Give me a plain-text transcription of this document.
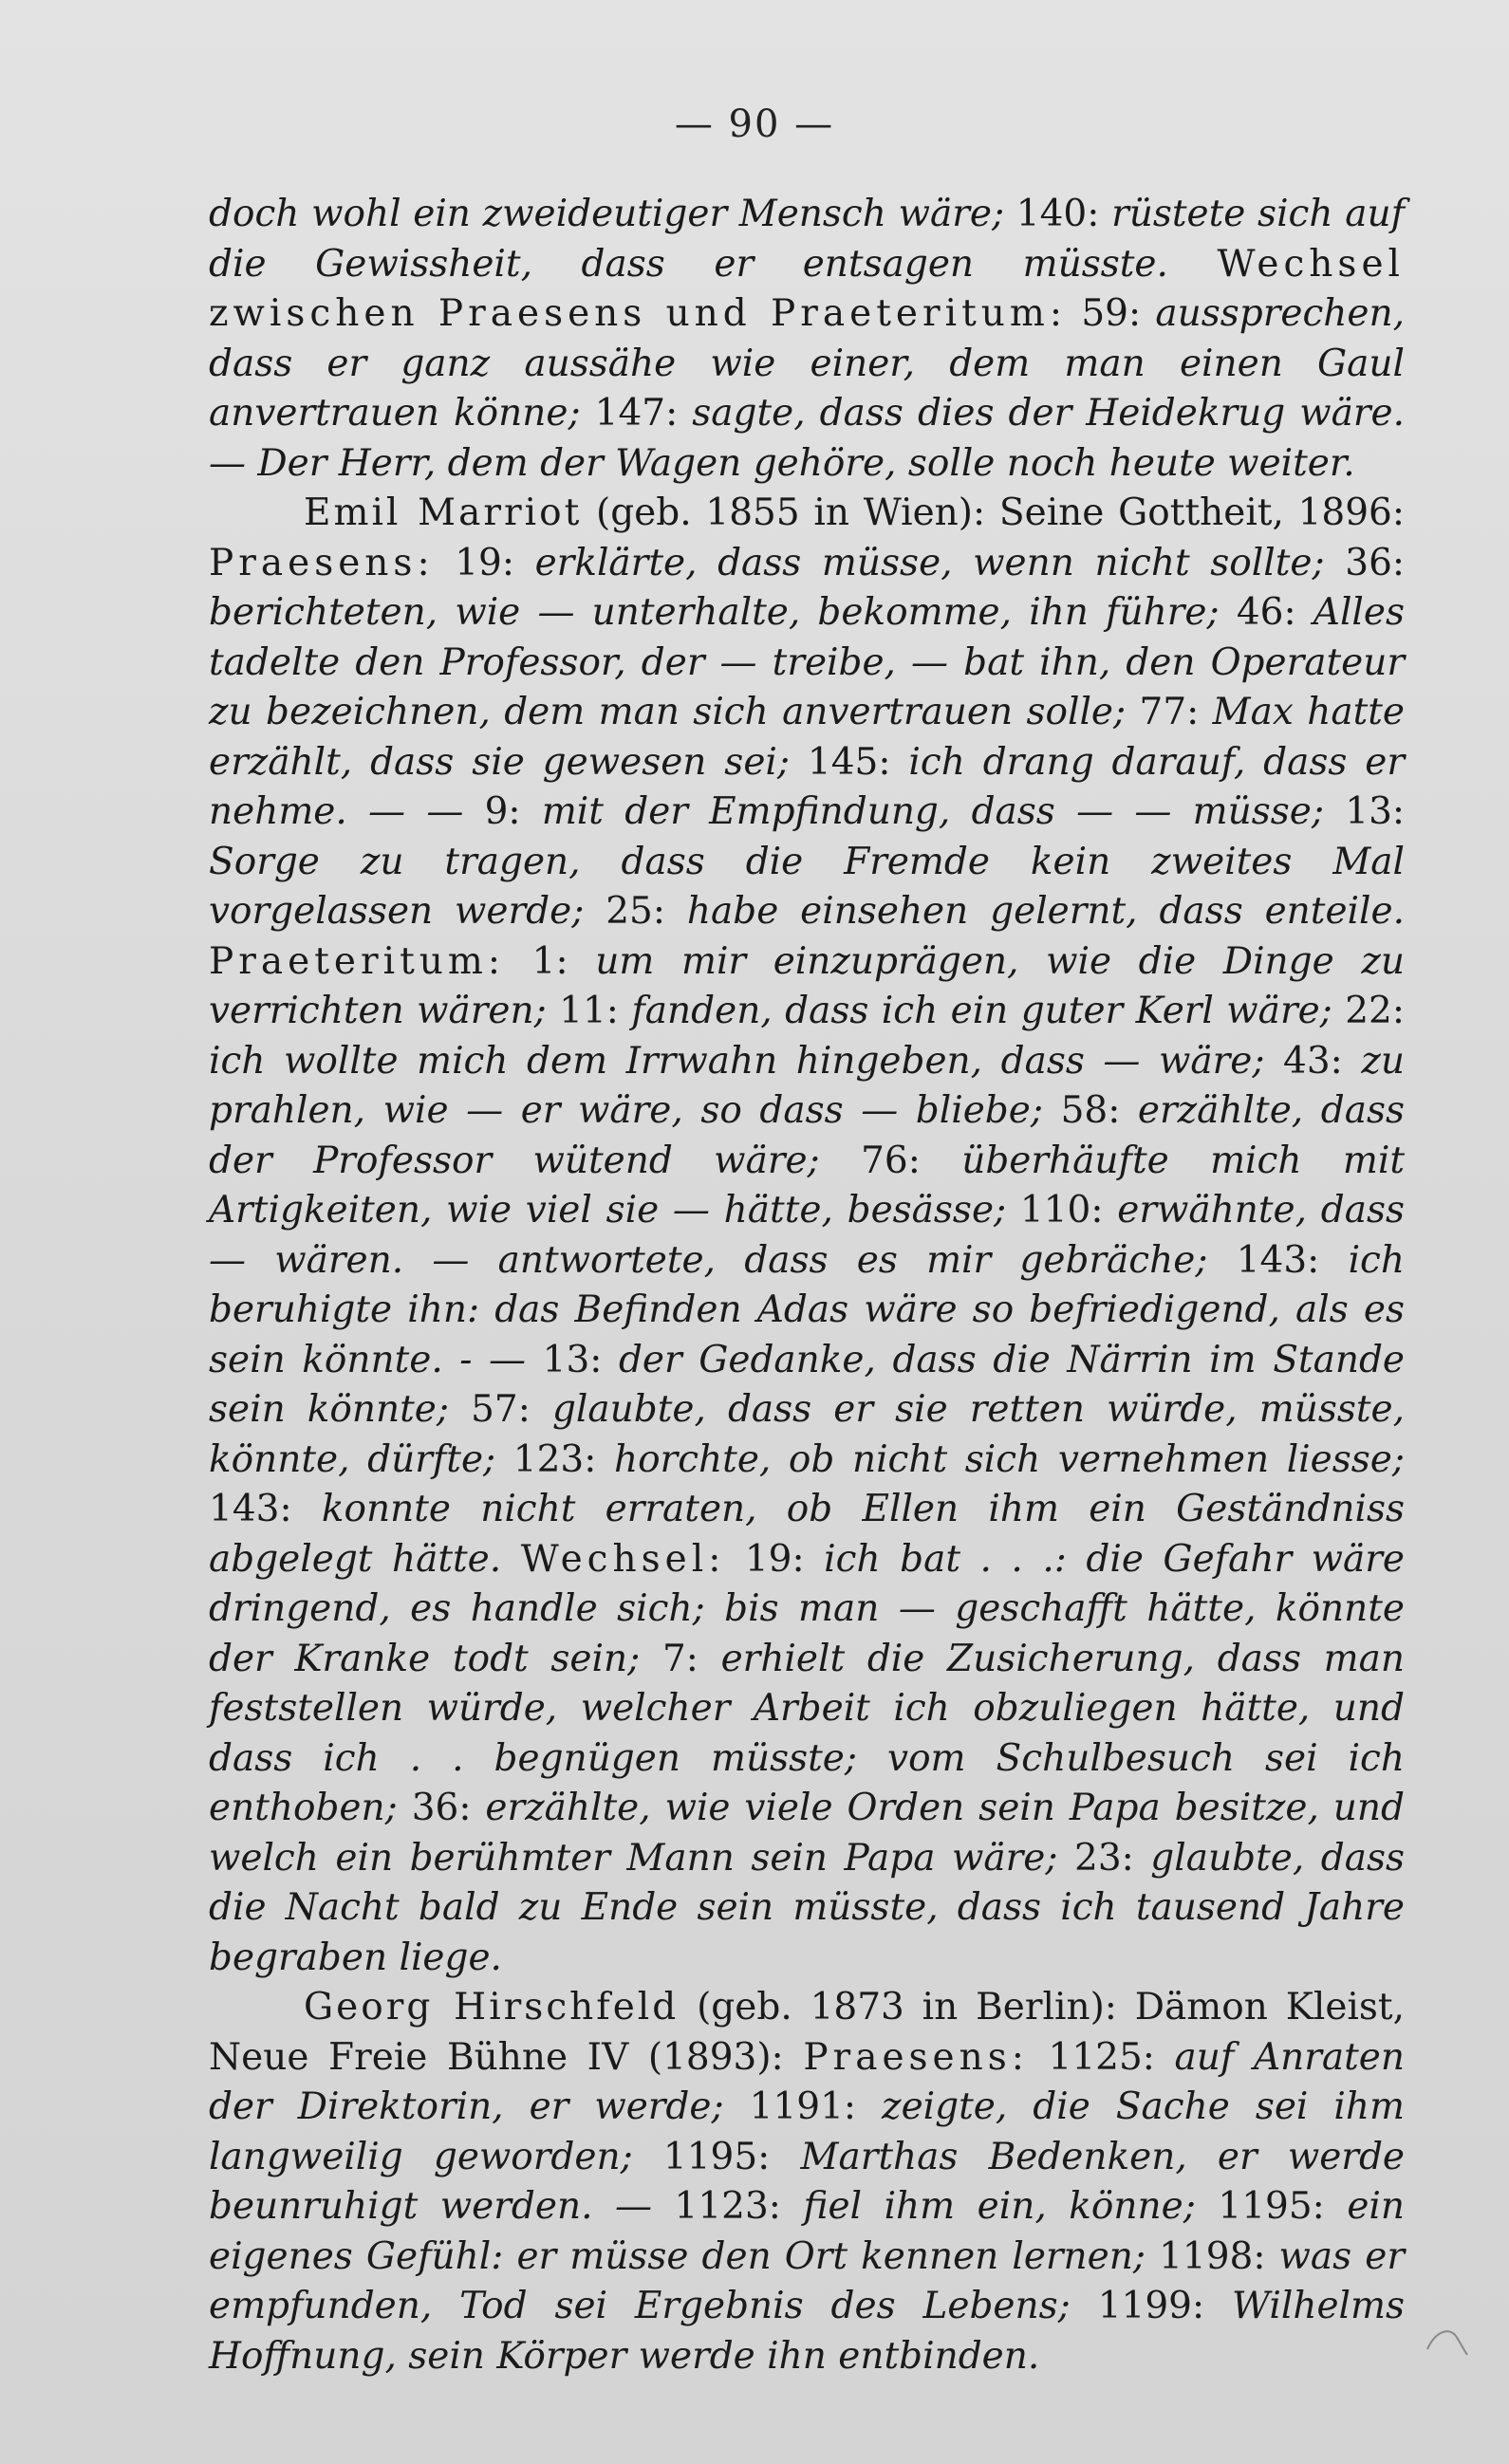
— 90 —

doch wohl ein zweideutiger Mensch wäre; 140: rüstete sich auf die Gewissheit, dass er entsagen müsste. Wechsel zwischen Praesens und Praeteritum: 59: aussprechen, dass er ganz aussähe wie einer, dem man einen Gaul anvertrauen könne; 147: sagte, dass dies der Heidekrug wäre. — Der Herr, dem der Wagen gehöre, solle noch heute weiter.

Emil Marriot (geb. 1855 in Wien): Seine Gottheit, 1896: Praesens: 19: erklärte, dass müsse, wenn nicht sollte; 36: berichteten, wie — unterhalte, bekomme, ihn führe; 46: Alles tadelte den Professor, der — treibe, — bat ihn, den Operateur zu bezeichnen, dem man sich anvertrauen solle; 77: Max hatte erzählt, dass sie gewesen sei; 145: ich drang darauf, dass er nehme. — — 9: mit der Empfindung, dass — — müsse; 13: Sorge zu tragen, dass die Fremde kein zweites Mal vorgelassen werde; 25: habe einsehen gelernt, dass enteile. Praeteritum: 1: um mir einzuprägen, wie die Dinge zu verrichten wären; 11: fanden, dass ich ein guter Kerl wäre; 22: ich wollte mich dem Irrwahn hingeben, dass — wäre; 43: zu prahlen, wie — er wäre, so dass — bliebe; 58: erzählte, dass der Professor wütend wäre; 76: überhäufte mich mit Artigkeiten, wie viel sie — hätte, besässe; 110: erwähnte, dass — wären. — antwortete, dass es mir gebräche; 143: ich beruhigte ihn: das Befinden Adas wäre so befriedigend, als es sein könnte. - — 13: der Gedanke, dass die Närrin im Stande sein könnte; 57: glaubte, dass er sie retten würde, müsste, könnte, dürfte; 123: horchte, ob nicht sich vernehmen liesse; 143: konnte nicht erraten, ob Ellen ihm ein Geständniss abgelegt hätte. Wechsel: 19: ich bat . . .: die Gefahr wäre dringend, es handle sich; bis man — geschafft hätte, könnte der Kranke todt sein; 7: erhielt die Zusicherung, dass man feststellen würde, welcher Arbeit ich obzuliegen hätte, und dass ich . . begnügen müsste; vom Schulbesuch sei ich enthoben; 36: erzählte, wie viele Orden sein Papa besitze, und welch ein berühmter Mann sein Papa wäre; 23: glaubte, dass die Nacht bald zu Ende sein müsste, dass ich tausend Jahre begraben liege.

Georg Hirschfeld (geb. 1873 in Berlin): Dämon Kleist, Neue Freie Bühne IV (1893): Praesens: 1125: auf Anraten der Direktorin, er werde; 1191: zeigte, die Sache sei ihm langweilig geworden; 1195: Marthas Bedenken, er werde beunruhigt werden. — 1123: fiel ihm ein, könne; 1195: ein eigenes Gefühl: er müsse den Ort kennen lernen; 1198: was er empfunden, Tod sei Ergebnis des Lebens; 1199: Wilhelms Hoffnung, sein Körper werde ihn entbinden.
